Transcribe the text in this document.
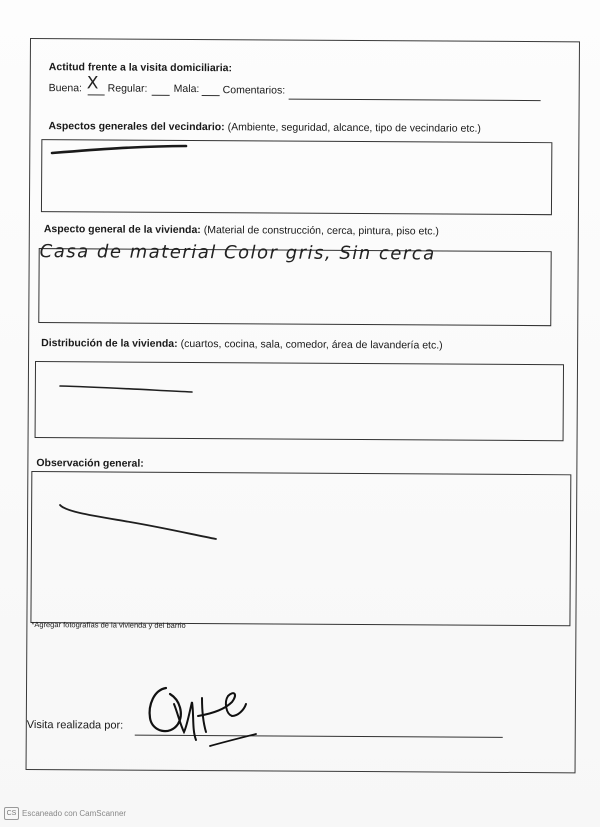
Actitud frente a la visita domiciliaria:
Buena: X Regular: Mala: Comentarios:
Aspectos generales del vecindario: (Ambiente, seguridad, alcance, tipo de vecindario etc.)
Aspecto general de la vivienda: (Material de construcción, cerca, pintura, piso etc.)
Casa de material Color gris, Sin cerca
Distribución de la vivienda: (cuartos, cocina, sala, comedor, área de lavandería etc.)
Observación general:
*Agregar fotografías de la vivienda y del barrio
Visita realizada por:
CS Escaneado con CamScanner
